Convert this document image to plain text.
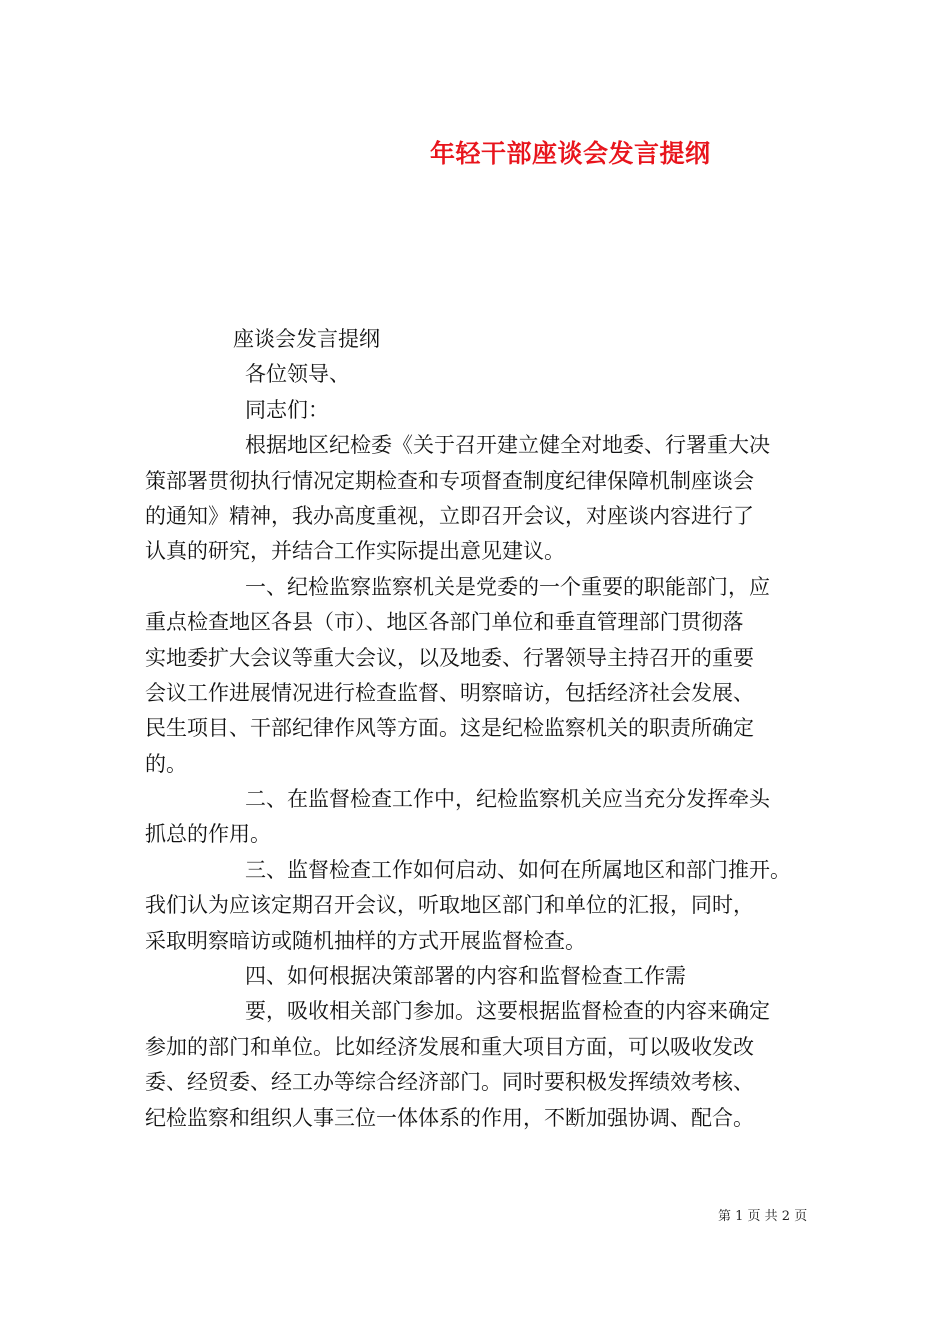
年轻干部座谈会发言提纲
座谈会发言提纲
各位领导、
同志们：
根据地区纪检委《关于召开建立健全对地委、行署重大决
策部署贯彻执行情况定期检查和专项督查制度纪律保障机制座谈会
的通知》精神，我办高度重视，立即召开会议，对座谈内容进行了
认真的研究，并结合工作实际提出意见建议。
一、纪检监察监察机关是党委的一个重要的职能部门，应
重点检查地区各县（市）、地区各部门单位和垂直管理部门贯彻落
实地委扩大会议等重大会议，以及地委、行署领导主持召开的重要
会议工作进展情况进行检查监督、明察暗访，包括经济社会发展、
民生项目、干部纪律作风等方面。这是纪检监察机关的职责所确定
的。
二、在监督检查工作中，纪检监察机关应当充分发挥牵头
抓总的作用。
三、监督检查工作如何启动、如何在所属地区和部门推开。
我们认为应该定期召开会议，听取地区部门和单位的汇报，同时，
采取明察暗访或随机抽样的方式开展监督检查。
四、如何根据决策部署的内容和监督检查工作需
要，吸收相关部门参加。这要根据监督检查的内容来确定
参加的部门和单位。比如经济发展和重大项目方面，可以吸收发改
委、经贸委、经工办等综合经济部门。同时要积极发挥绩效考核、
纪检监察和组织人事三位一体体系的作用，不断加强协调、配合。
第 1 页 共 2 页
